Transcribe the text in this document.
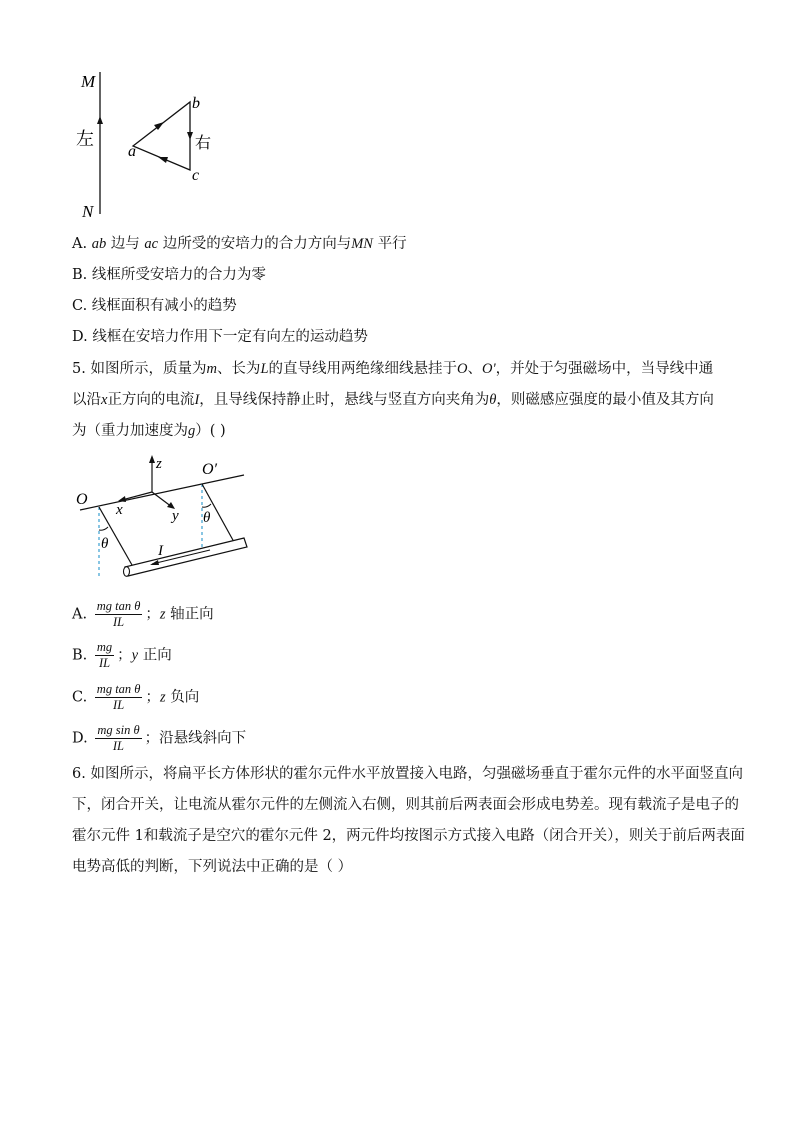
M
N
左
a
b
c
右
A. ab 边与 ac 边所受的安培力的合力方向与MN 平行
B. 线框所受安培力的合力为零
C. 线框面积有减小的趋势
D. 线框在安培力作用下一定有向左的运动趋势
5. 如图所示，质量为m、长为L的直导线用两绝缘细线悬挂于O、O'，并处于匀强磁场中，当导线中通
以沿x正方向的电流I，且导线保持静止时，悬线与竖直方向夹角为θ，则磁感应强度的最小值及其方向
为（重力加速度为g）( )
z
x	y
O
O′
θ
θ
I
A. $\frac{\text{mg tan θ}}{IL}$ ；z 轴正向
B. $\frac{mg}{IL}$ ；y 正向
C. $\frac{\text{mg tan θ}}{IL}$ ；z 负向
D. $\frac{\text{mg sin θ}}{IL}$ ；沿悬线斜向下
6. 如图所示，将扁平长方体形状的霍尔元件水平放置接入电路，匀强磁场垂直于霍尔元件的水平面竖直向
下，闭合开关，让电流从霍尔元件的左侧流入右侧，则其前后两表面会形成电势差。现有载流子是电子的
霍尔元件 1和载流子是空穴的霍尔元件 2，两元件均按图示方式接入电路（闭合开关），则关于前后两表面
电势高低的判断，下列说法中正确的是（ ）
